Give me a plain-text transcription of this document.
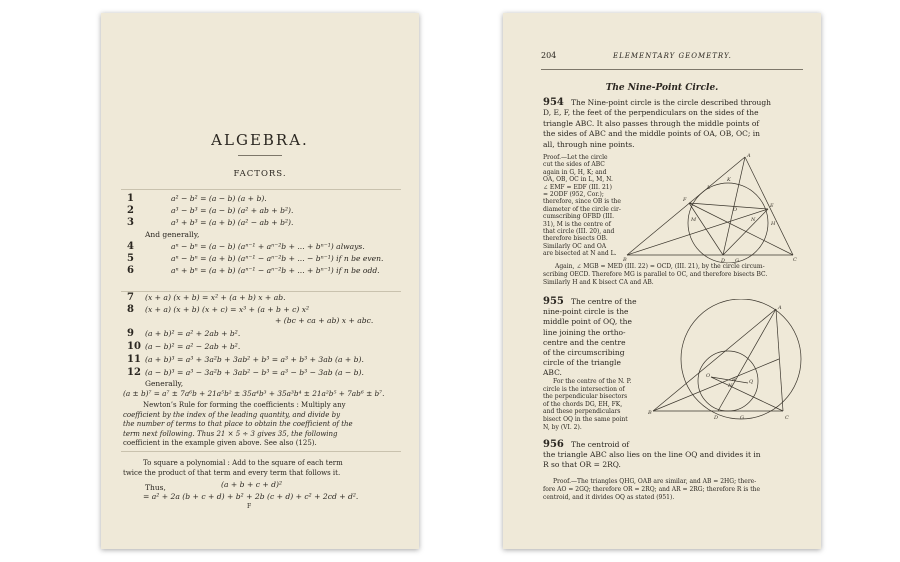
ALGEBRA.
FACTORS.
1	a² − b² = (a − b) (a + b).
2	a³ − b³ = (a − b) (a² + ab + b²).
3	a³ + b³ = (a + b) (a² − ab + b²).
And generally,
4	aⁿ − bⁿ = (a − b) (aⁿ⁻¹ + aⁿ⁻²b + ... + bⁿ⁻¹) always.
5	aⁿ − bⁿ = (a + b) (aⁿ⁻¹ − aⁿ⁻²b + ... − bⁿ⁻¹) if n be even.
6	aⁿ + bⁿ = (a + b) (aⁿ⁻¹ − aⁿ⁻²b + ... + bⁿ⁻¹) if n be odd.
7 (x + a) (x + b) = x² + (a + b) x + ab.
8 (x + a) (x + b) (x + c) = x³ + (a + b + c) x²
+ (bc + ca + ab) x + abc.
9 (a + b)² = a² + 2ab + b².
10 (a − b)² = a² − 2ab + b².
11 (a + b)³ = a³ + 3a²b + 3ab² + b³ = a³ + b³ + 3ab (a + b).
12 (a − b)³ = a³ − 3a²b + 3ab² − b³ = a³ − b³ − 3ab (a − b).
Generally,
(a ± b)⁷ = a⁷ ± 7a⁶b + 21a⁵b² ± 35a⁴b³ + 35a³b⁴ ± 21a²b⁵ + 7ab⁶ ± b⁷.
Newton’s Rule for forming the coefficients : Multiply any
coefficient by the index of the leading quantity, and divide by
the number of terms to that place to obtain the coefficient of the
term next following. Thus 21 × 5 ÷ 3 gives 35, the following
coefficient in the example given above. See also (125).
To square a polynomial : Add to the square of each term
twice the product of that term and every term that follows it.
Thus,	(a + b + c + d)²
= a² + 2a (b + c + d) + b² + 2b (c + d) + c² + 2cd + d².
F
204	ELEMENTARY GEOMETRY.
The Nine-Point Circle.
954 The Nine-point circle is the circle described through
D, E, F, the feet of the perpendiculars on the sides of the
triangle ABC. It also passes through the middle points of
the sides of ABC and the middle points of OA, OB, OC; in
all, through nine points.
Proof.—Let the circle
cut the sides of ABC
again in G, H, K; and
OA, OB, OC in L, M, N.
∠ EMF = EDF (III. 21)
= 2ODF (952, Cor.);
therefore, since OB is the
diameter of the circle cir-
cumscribing OFBD (III.
31), M is the centre of
that circle (III. 20), and
therefore bisects OB.
Similarly OC and OA
are bisected at N and L.
A
F
L
K
E
M
O
N
B	D G	C
H
Again, ∠ MGB = MED (III. 22) = OCD, (III. 21), by the circle circum-
scribing OECD. Therefore MG is parallel to OC, and therefore bisects BC.
Similarly H and K bisect CA and AB.
955 The centre of the
nine-point circle is the
middle point of OQ, the
line joining the ortho-
centre and the centre
of the circumscribing
circle of the triangle
ABC.
For the centre of the N. P.
circle is the intersection of
the perpendicular bisectors
of the chords DG, EH, FK,
and these perpendiculars
bisect OQ in the same point
N, by (VI. 2).
A
O
N
Q
R
B
D	G	C
956 The centroid of
the triangle ABC also lies on the line OQ and divides it in
R so that OR = 2RQ.
Proof.—The triangles QHG, OAB are similar, and AB = 2HG; there-
fore AO = 2GQ; therefore OR = 2RQ; and AR = 2RG; therefore R is the
centroid, and it divides OQ as stated (951).
